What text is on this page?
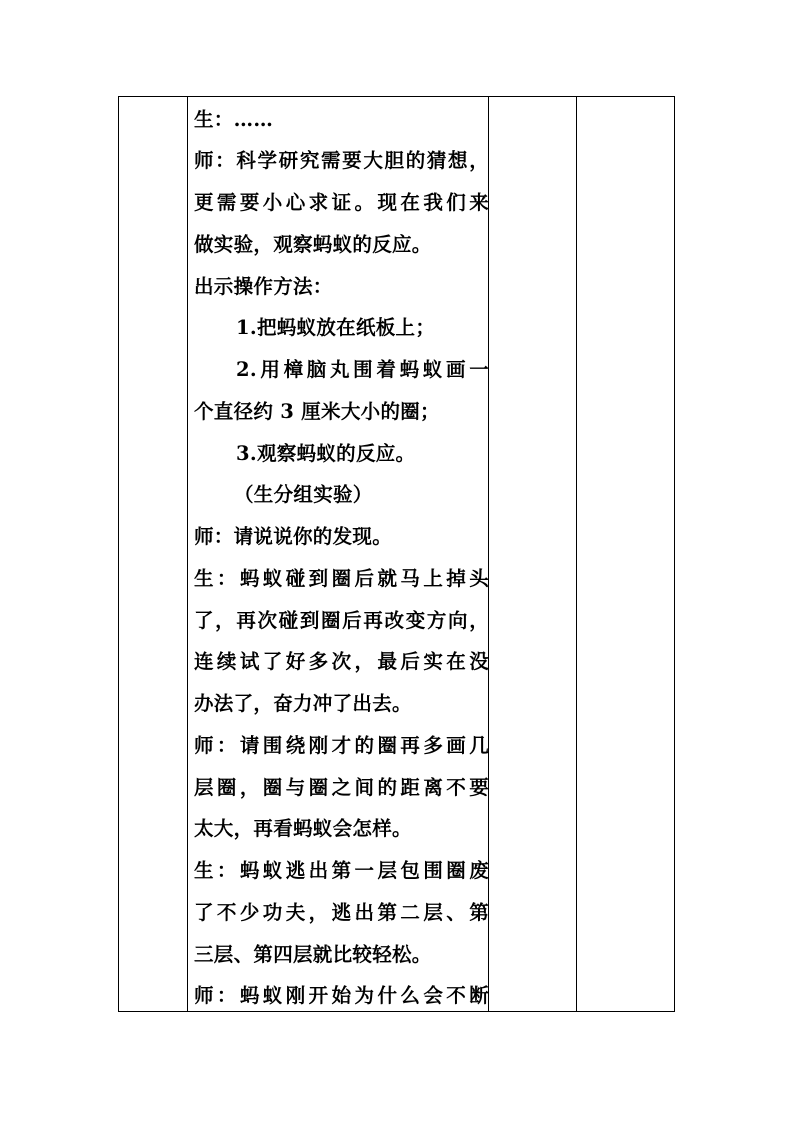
生：……
师：科学研究需要大胆的猜想，
更需要小心求证。现在我们来
做实验，观察蚂蚁的反应。
出示操作方法：
1.把蚂蚁放在纸板上；
2.用樟脑丸围着蚂蚁画一
个直径约 3 厘米大小的圈；
3.观察蚂蚁的反应。
（生分组实验）
师：请说说你的发现。
生：蚂蚁碰到圈后就马上掉头
了，再次碰到圈后再改变方向，
连续试了好多次，最后实在没
办法了，奋力冲了出去。
师：请围绕刚才的圈再多画几
层圈，圈与圈之间的距离不要
太大，再看蚂蚁会怎样。
生：蚂蚁逃出第一层包围圈废
了不少功夫，逃出第二层、第
三层、第四层就比较轻松。
师：蚂蚁刚开始为什么会不断
